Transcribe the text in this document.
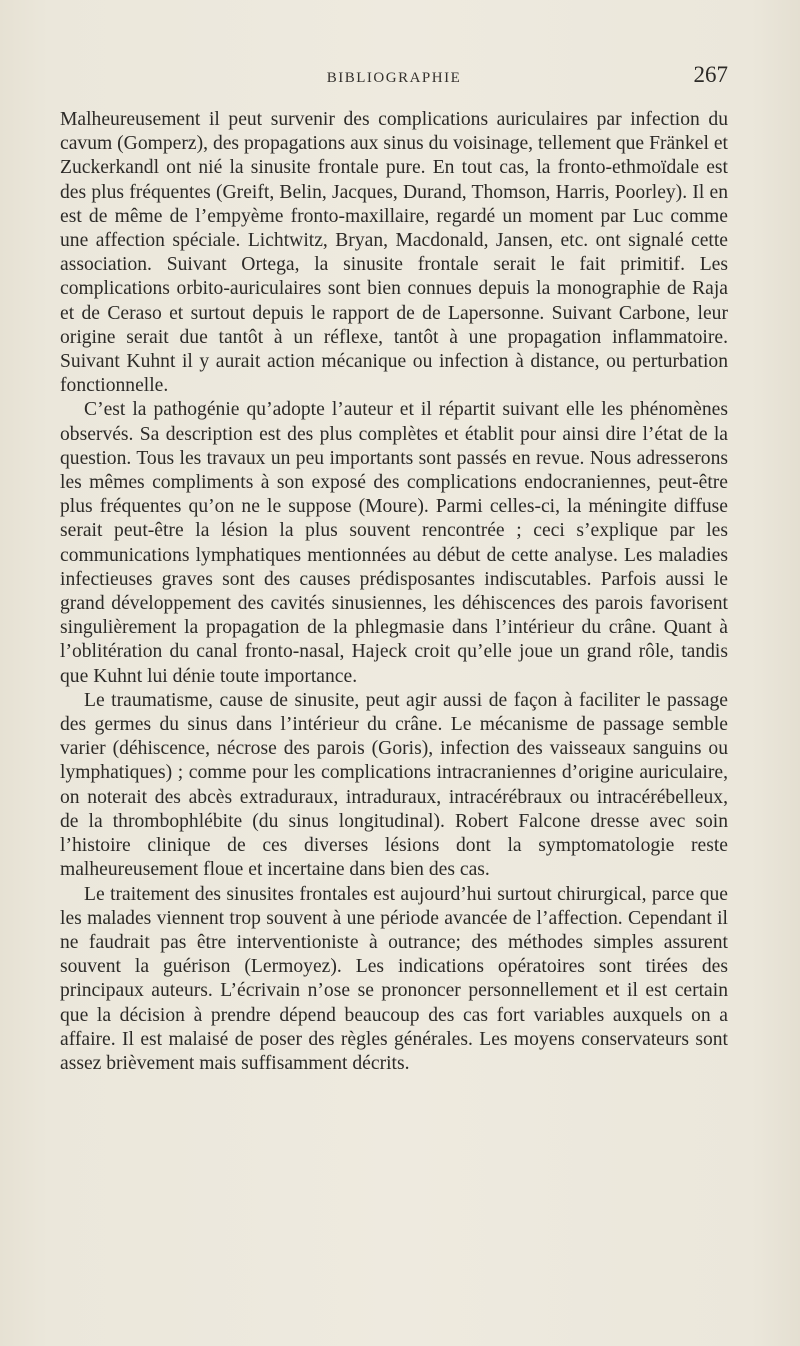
BIBLIOGRAPHIE	267

Malheureusement il peut survenir des complications auriculaires par infection du cavum (Gomperz), des propagations aux sinus du voisinage, tellement que Fränkel et Zuckerkandl ont nié la sinusite frontale pure. En tout cas, la fronto-ethmoïdale est des plus fréquentes (Greift, Belin, Jacques, Durand, Thomson, Harris, Poorley). Il en est de même de l’empyème fronto-maxillaire, regardé un moment par Luc comme une affection spéciale. Lichtwitz, Bryan, Macdonald, Jansen, etc. ont signalé cette association. Suivant Ortega, la sinusite frontale serait le fait primitif. Les complications orbito-auriculaires sont bien connues depuis la monographie de Raja et de Ceraso et surtout depuis le rapport de de Lapersonne. Suivant Carbone, leur origine serait due tantôt à un réflexe, tantôt à une propagation inflammatoire. Suivant Kuhnt il y aurait action mécanique ou infection à distance, ou perturbation fonctionnelle.

C’est la pathogénie qu’adopte l’auteur et il répartit suivant elle les phénomènes observés. Sa description est des plus complètes et établit pour ainsi dire l’état de la question. Tous les travaux un peu importants sont passés en revue. Nous adresserons les mêmes compliments à son exposé des complications endocraniennes, peut-être plus fréquentes qu’on ne le suppose (Moure). Parmi celles-ci, la méningite diffuse serait peut-être la lésion la plus souvent rencontrée ; ceci s’explique par les communications lymphatiques mentionnées au début de cette analyse. Les maladies infectieuses graves sont des causes prédisposantes indiscutables. Parfois aussi le grand développement des cavités sinusiennes, les déhiscences des parois favorisent singulièrement la propagation de la phlegmasie dans l’intérieur du crâne. Quant à l’oblitération du canal fronto-nasal, Hajeck croit qu’elle joue un grand rôle, tandis que Kuhnt lui dénie toute importance.

Le traumatisme, cause de sinusite, peut agir aussi de façon à faciliter le passage des germes du sinus dans l’intérieur du crâne. Le mécanisme de passage semble varier (déhiscence, nécrose des parois (Goris), infection des vaisseaux sanguins ou lymphatiques) ; comme pour les complications intracraniennes d’origine auriculaire, on noterait des abcès extraduraux, intraduraux, intracérébraux ou intracérébelleux, de la thrombophlébite (du sinus longitudinal). Robert Falcone dresse avec soin l’histoire clinique de ces diverses lésions dont la symptomatologie reste malheureusement floue et incertaine dans bien des cas.

Le traitement des sinusites frontales est aujourd’hui surtout chirurgical, parce que les malades viennent trop souvent à une période avancée de l’affection. Cependant il ne faudrait pas être interventioniste à outrance; des méthodes simples assurent souvent la guérison (Lermoyez). Les indications opératoires sont tirées des principaux auteurs. L’écrivain n’ose se prononcer personnellement et il est certain que la décision à prendre dépend beaucoup des cas fort variables auxquels on a affaire. Il est malaisé de poser des règles générales. Les moyens conservateurs sont assez brièvement mais suffisamment décrits.
